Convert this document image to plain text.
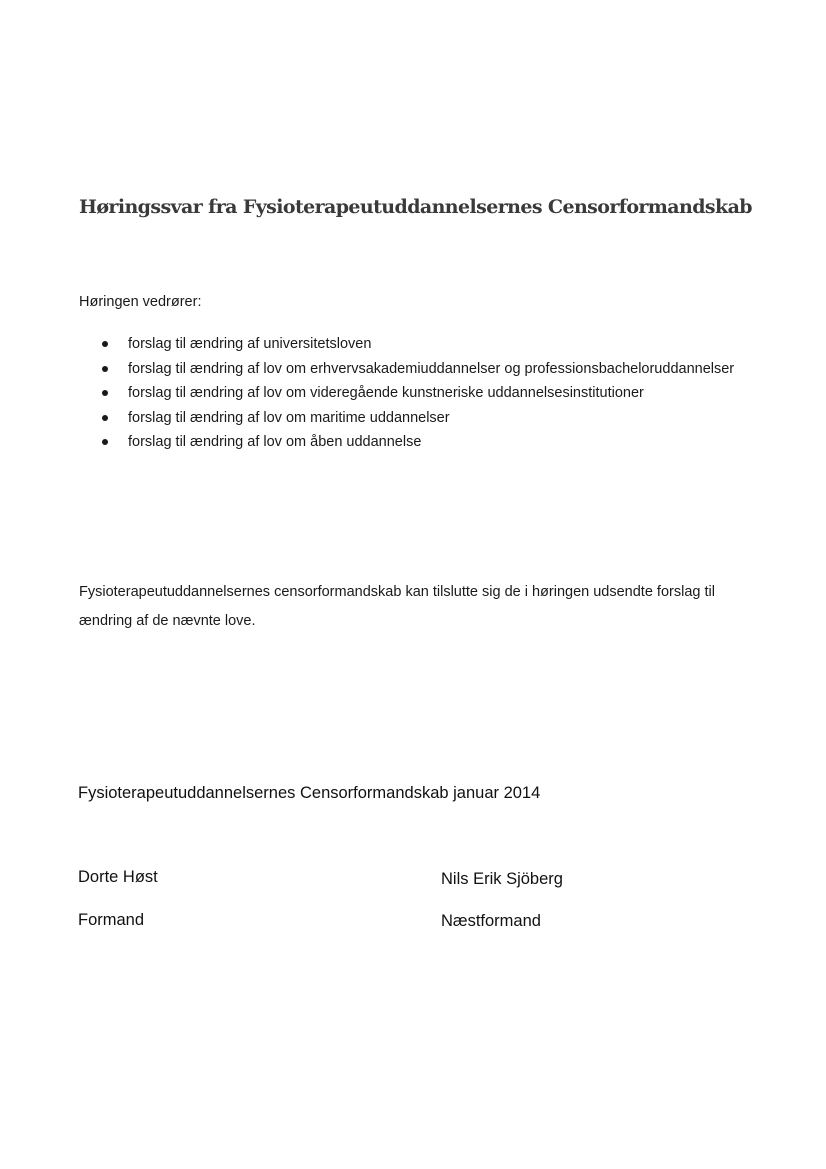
Høringssvar fra Fysioterapeutuddannelsernes Censorformandskab
Høringen vedrører:
forslag til ændring af universitetsloven
forslag til ændring af lov om erhvervsakademiuddannelser og professionsbacheloruddannelser
forslag til ændring af lov om videregående kunstneriske uddannelsesinstitutioner
forslag til ændring af lov om maritime uddannelser
forslag til ændring af lov om åben uddannelse

Fysioterapeutuddannelsernes censorformandskab kan tilslutte sig de i høringen udsendte forslag til ændring af de nævnte love.

Fysioterapeutuddannelsernes Censorformandskab januar 2014
Dorte Høst
Formand
Nils Erik Sjöberg
Næstformand
